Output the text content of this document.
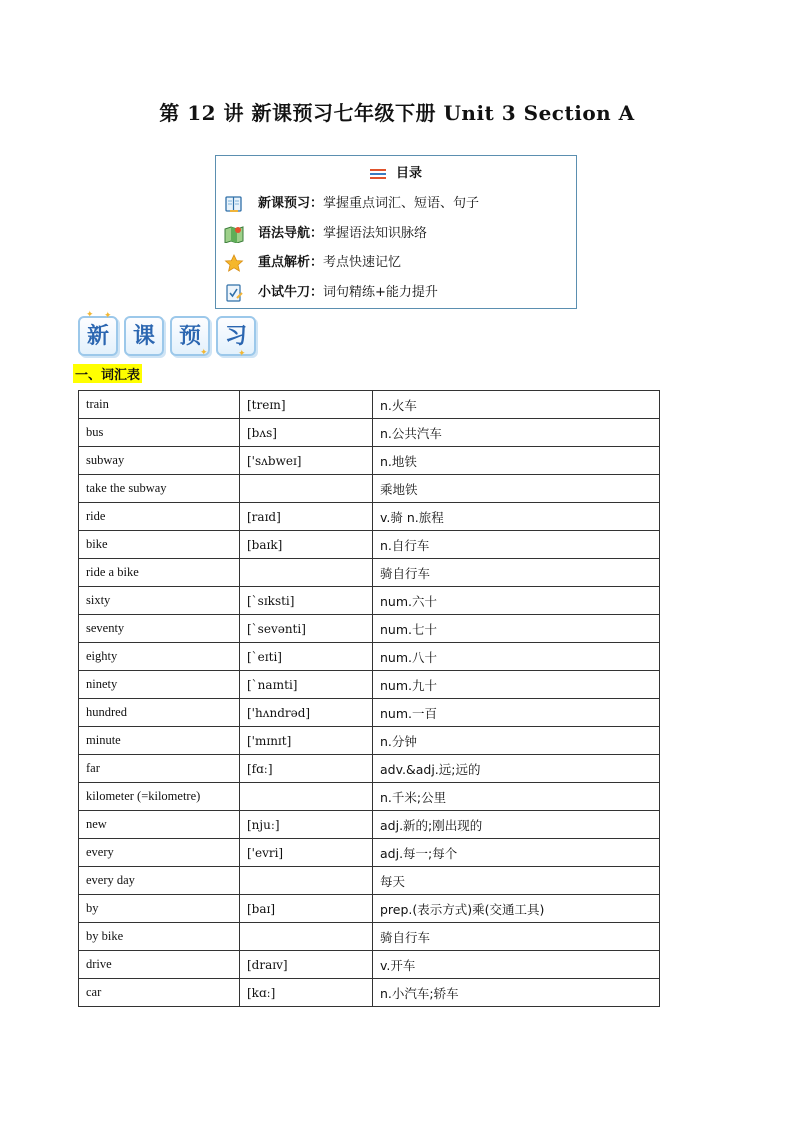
第 12 讲 新课预习七年级下册 Unit 3 Section A
目录
新课预习：掌握重点词汇、短语、句子
语法导航：掌握语法知识脉络
重点解析：考点快速记忆
小试牛刀：词句精练+能力提升
新	课	预	习
✦ ✦
✦	✦
一、词汇表
train	[treɪn]	n.火车
bus	[bʌs]	n.公共汽车
subway	['sʌbweɪ]	n.地铁
take the subway		乘地铁
ride	[raɪd]	v.骑 n.旅程
bike	[baɪk]	n.自行车
ride a bike		骑自行车
sixty	[ˋsɪksti]	num.六十
seventy	[ˋsevənti]	num.七十
eighty	[ˋeɪti]	num.八十
ninety	[ˋnaɪnti]	num.九十
hundred	['hʌndrəd]	num.一百
minute	['mɪnɪt]	n.分钟
far	[fɑː]	adv.&adj.远;远的
kilometer (=kilometre)		n.千米;公里
new	[njuː]	adj.新的;刚出现的
every	['evri]	adj.每一;每个
every day		每天
by	[baɪ]	prep.(表示方式)乘(交通工具)
by bike		骑自行车
drive	[draɪv]	v.开车
car	[kɑː]	n.小汽车;轿车
